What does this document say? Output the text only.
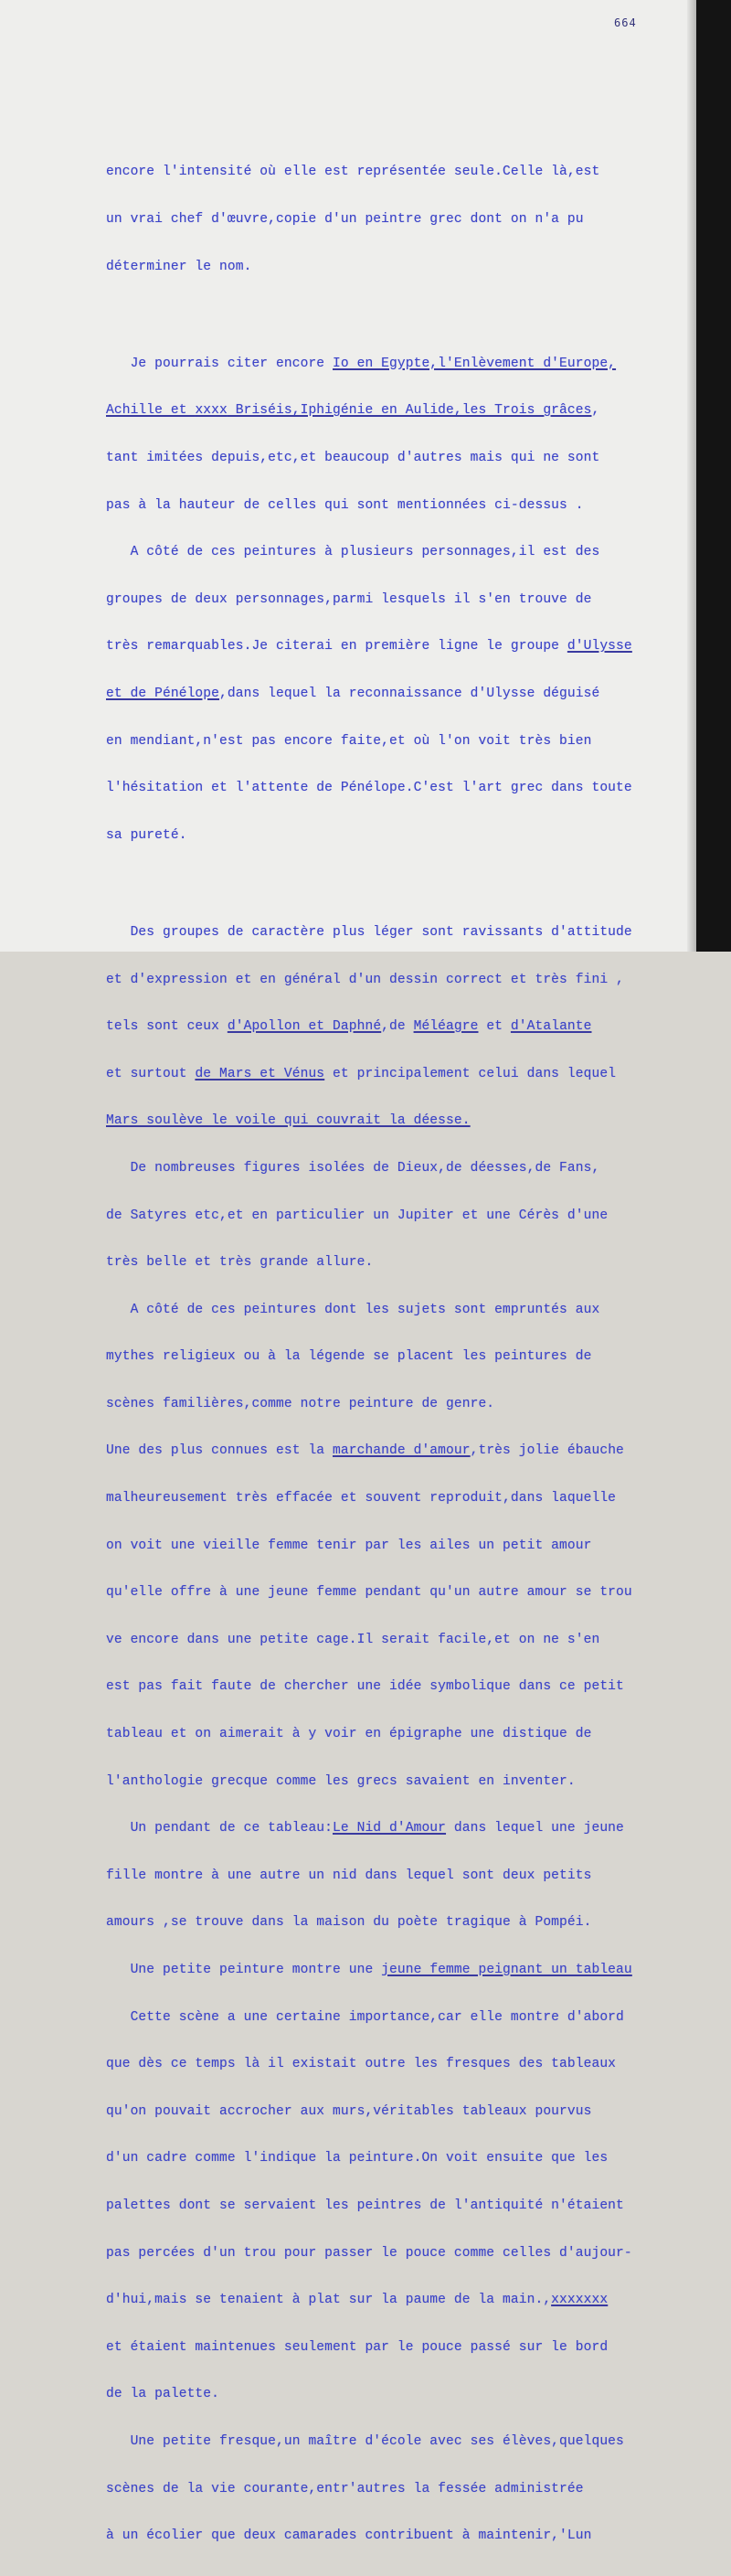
664

encore l'intensité où elle est représentée seule.Celle là,est

un vrai chef d'œuvre,copie d'un peintre grec dont on n'a pu

déterminer le nom.

Je pourrais citer encore Io en Egypte,l'Enlèvement d'Europe,

Achille et xxxx Briséis,Iphigénie en Aulide,les Trois grâces,

tant imitées depuis,etc,et beaucoup d'autres mais qui ne sont

pas à la hauteur de celles qui sont mentionnées ci-dessus .

A côté de ces peintures à plusieurs personnages,il est des

groupes de deux personnages,parmi lesquels il s'en trouve de

très remarquables.Je citerai en première ligne le groupe d'Ulysse

et de Pénélope,dans lequel la reconnaissance d'Ulysse déguisé

en mendiant,n'est pas encore faite,et où l'on voit très bien

l'hésitation et l'attente de Pénélope.C'est l'art grec dans toute

sa pureté.

Des groupes de caractère plus léger sont ravissants d'attitude

et d'expression et en général d'un dessin correct et très fini ,

tels sont ceux d'Apollon et Daphné,de Méléagre et d'Atalante

et surtout de Mars et Vénus et principalement celui dans lequel

Mars soulève le voile qui couvrait la déesse.

De nombreuses figures isolées de Dieux,de déesses,de Fans,

de Satyres etc,et en particulier un Jupiter et une Cérès d'une

très belle et très grande allure.

A côté de ces peintures dont les sujets sont empruntés aux

mythes religieux ou à la légende se placent les peintures de

scènes familières,comme notre peinture de genre.

Une des plus connues est la marchande d'amour,très jolie ébauche

malheureusement très effacée et souvent reproduit,dans laquelle

on voit une vieille femme tenir par les ailes un petit amour

qu'elle offre à une jeune femme pendant qu'un autre amour se trou

ve encore dans une petite cage.Il serait facile,et on ne s'en

est pas fait faute de chercher une idée symbolique dans ce petit

tableau et on aimerait à y voir en épigraphe une distique de

l'anthologie grecque comme les grecs savaient en inventer.

Un pendant de ce tableau:Le Nid d'Amour dans lequel une jeune

fille montre à une autre un nid dans lequel sont deux petits

amours ,se trouve dans la maison du poète tragique à Pompéi.

Une petite peinture montre une jeune femme peignant un tableau

Cette scène a une certaine importance,car elle montre d'abord

que dès ce temps là il existait outre les fresques des tableaux

qu'on pouvait accrocher aux murs,véritables tableaux pourvus

d'un cadre comme l'indique la peinture.On voit ensuite que les

palettes dont se servaient les peintres de l'antiquité n'étaient

pas percées d'un trou pour passer le pouce comme celles d'aujour-

d'hui,mais se tenaient à plat sur la paume de la main.,xxxxxxx

et étaient maintenues seulement par le pouce passé sur le bord

de la palette.

Une petite fresque,un maître d'école avec ses élèves,quelques

scènes de la vie courante,entr'autres la fessée administrée

à un écolier que deux camarades contribuent à maintenir,'Lun
